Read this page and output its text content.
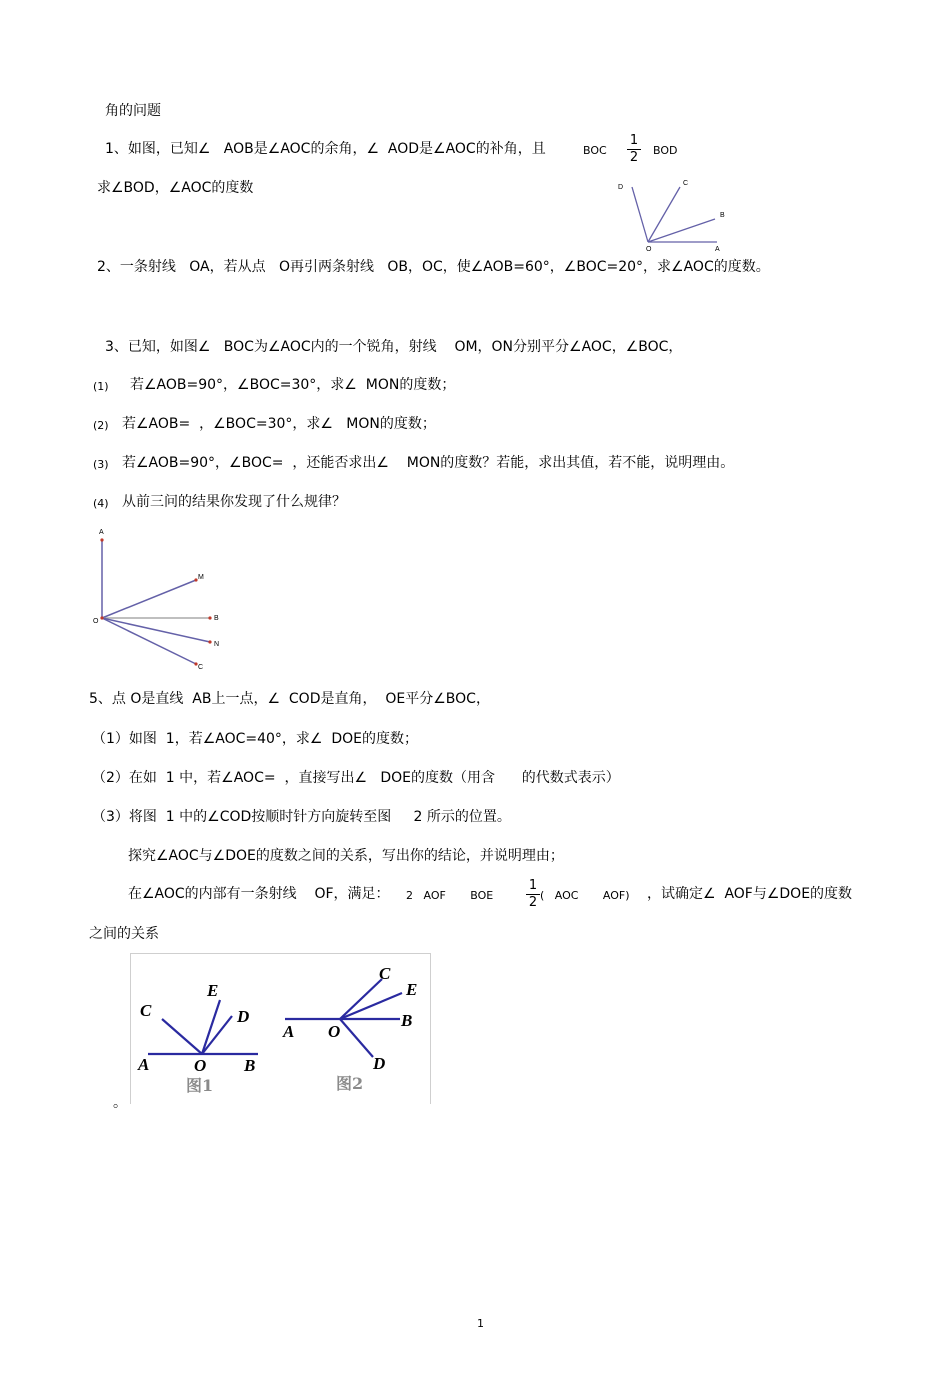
角的问题
1、如图，已知∠   AOB是∠AOC的余角，∠  AOD是∠AOC的补角，且	BOC
1
2 BOD
求∠BOD，∠AOC的度数	D
C
B
O	A
2、一条射线   OA，若从点   O再引两条射线   OB，OC，使∠AOB=60°，∠BOC=20°，求∠AOC的度数。
3、已知，如图∠   BOC为∠AOC内的一个锐角，射线    OM，ON分别平分∠AOC，∠BOC，
(1) 若∠AOB=90°，∠BOC=30°，求∠  MON的度数；
(2) 若∠AOB=  ，∠BOC=30°，求∠   MON的度数；
(3) 若∠AOB=90°，∠BOC=  ，还能否求出∠    MON的度数？若能，求出其值，若不能，说明理由。
(4) 从前三问的结果你发现了什么规律？
A
M
O	B
N
C
5、点 O是直线  AB上一点，∠  COD是直角，  OE平分∠BOC，
（1）如图  1，若∠AOC=40°，求∠  DOE的度数；
（2）在如  1 中，若∠AOC=  ，直接写出∠   DOE的度数（用含      的代数式表示）
（3）将图  1 中的∠COD按顺时针方向旋转至图     2 所示的位置。
探究∠AOC与∠DOE的度数之间的关系，写出你的结论，并说明理由；
在∠AOC的内部有一条射线    OF，满足： 2   AOF       BOE
1
2 (   AOC       AOF) ，试确定∠  AOF与∠DOE的度数
之间的关系
C
E
D
A	O B
图1
C
E
B
A O
D
图2
。
1
